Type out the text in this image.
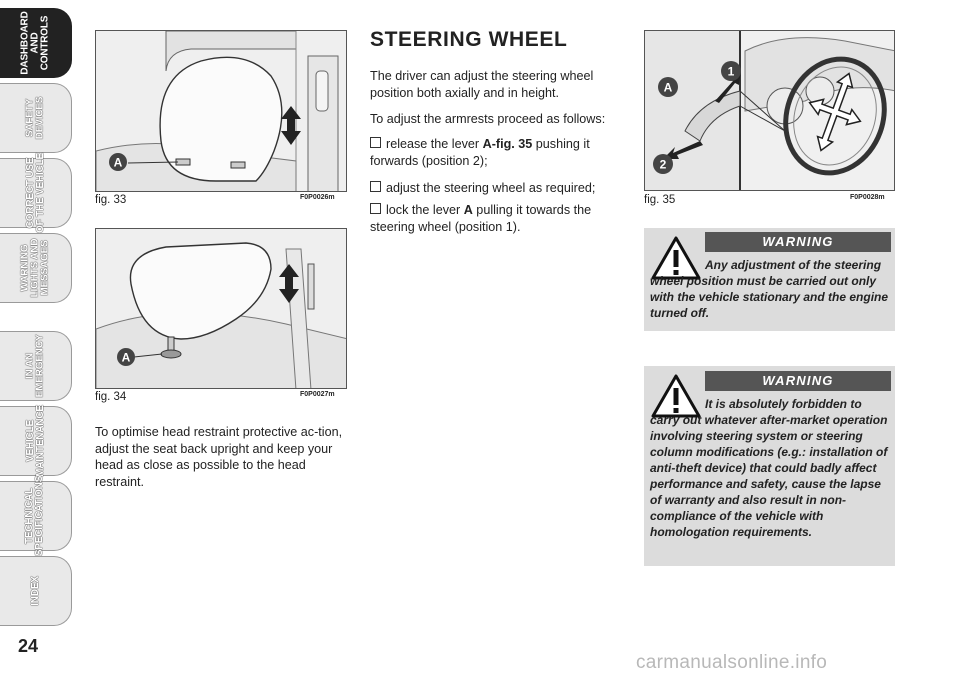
DASHBOARD
AND
CONTROLS
SAFETY
DEVICES
CORRECT USE
OF THE VEHICLE
WARNING
LIGHTS AND
MESSAGES
IN AN
EMERGENCY
VEHICLE
MAINTENANCE
TECHNICAL
SPECIFICATIONS
INDEX
24
A
fig. 33	F0P0026m
A
fig. 34	F0P0027m

To optimise head restraint protective ac-tion, adjust the seat back upright and keep your head as close as possible to the head restraint.

STEERING WHEEL

The driver can adjust the steering wheel position both axially and in height.

To adjust the armrests proceed as follows:

release the lever A-fig. 35 pushing it forwards (position 2);
adjust the steering wheel as required;
lock the lever A pulling it towards the steering wheel (position 1).
A
1
2
fig. 35	F0P0028m
WARNING
Any adjustment of the steering wheel position must be carried out only with the vehicle stationary and the engine turned off.
WARNING
It is absolutely forbidden to carry out whatever after-market operation involving steering system or steering column modifications (e.g.: installation of anti-theft device) that could badly affect performance and safety, cause the lapse of warranty and also result in non-compliance of the vehicle with homologation requirements.
carmanualsonline.info
